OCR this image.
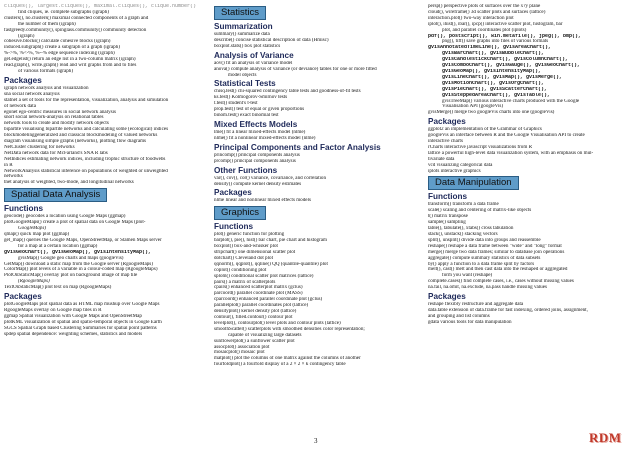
cliques(), largest.cliques(), maximal.cliques(), clique.number()
find cliques, ie. complete subgraphs (igraph)
clusters(), no.clusters() maximal connected components of a graph and
the number of them (igraph)
fastgreedy.community(), spinglass.community() community detection
(igraph)
cohesive.blocks() calculate cohesive blocks (igraph)
induced.subgraph() create a subgraph of a graph (igraph)
%->%, %<-%, %--% edge sequence indexing (igraph)
get.edgelist() return an edge list in a two-column matrix (igraph)
read.graph(), write.graph() read and writ graphs from and to files
of various formats (igraph)
Packages
igraph network analysis and visualization
sna social network analysis
statnet a set of tools for the representation, visualization, analysis and simulation
of network data
egonet ego-centric measures in social network analysis
snort social network-analysis on relational tables
network tools to create and modify network objects
bipartite visualising bipartite networks and calculating some (ecological) indices
blockmodelinggeneralized and classical blockmodeling of valued networks
diagram visualising simple graphs (networks), plotting flow diagrams
NetCluster clustering for networks
NetData network data for McFarland's SNA R labs
NetIndices estimating network indices, including trophic structure of foodwebs
in R
NetworkAnalysis statistical inference on populations of weighted or unweighted
networks
tnet analysis of weighted, two-mode, and longitudinal networks
Spatial Data Analysis
Functions
geocode() geocodes a location using Google Maps (ggmap)
plotGoogleMaps() create a plot of spatial data on Google Maps (plot-
GoogleMaps)
qmap() quick map plot (ggmap)
get_map() queries the Google Maps, OpenStreetMap, or Stamen Maps server
for a map at a certain location (ggmap)
gvisGeoChart(), gvisGeoMap(), gvisIntensityMap(),
gvisMap() Google geo charts and maps (googleVis)
GetMap() download a static map from the Google server (RgoogleMaps)
ColorMap() plot levels of a variable in a colour-coded map (RgoogleMaps)
PlotOnStaticMap() overlay plot on background image of map tile
(RgoogleMaps)
TextOnStaticMap() plot text on map (RgoogleMaps)
Packages
plotGoogleMaps plot spatial data as HTML map mushup over Google Maps
RgoogleMaps overlay on Google map tiles in R
ggmap Spatial visualization with Google Maps and OpenStreetMap
plotKML visualization of spatial and spatio-temporal objects in Google Earth
SGCS Spatial Graph based Clustering Summaries for spatial point patterns
spdep spatial dependence: weighting schemes, statistics and models
Statistics
Summarization
summary() summarize data
describe() concise statistical description of data (Hmisc)
boxplot.stats() box plot statistics
Analysis of Variance
aov() fit an analysis of variance model
anova() compute analysis of variance (or deviance) tables for one or more fitted
model objects
Statistical Tests
chisq.test() chi-squared contingency table tests and goodness-of-fit tests
ks.test() Kolmogorov-Smirnov tests
t.test() student's t-test
prop.test() test of equal or given proportions
binom.test() exact binomial test
Mixed Effects Models
lme() fit a linear mixed-effects model (nlme)
nlme() fit a nonlinear mixed-effects model (nlme)
Principal Components and Factor Analysis
princomp() principal components analysis
prcomp() principal components analysis
Other Functions
var(), cov(), cor() variance, covariance, and correlation
density() compute kernel density estimates
Packages
nlme linear and nonlinear mixed effects models
Graphics
Functions
plot() generic function for plotting
barplot(), pie(), hist() bar chart, pie chart and histogram
boxplot() box-and-whisker plot
stripchart() one dimensional scatter plot
dotchart() Cleveland dot plot
qqnorm(), qqplot(), qqline() QQ (quantile-quantile) plot
coplot() conditioning plot
splom() conditional scatter plot matrices (lattice)
pairs() a matrix of scatterplots
cpairs() enhanced scatterplot matrix (gclus)
parcoord() parallel coordinate plot (MASS)
cparcoord() enhanced parallel coordinate plot (gclus)
parallelplot() parallel coordinates plot (lattice)
densityplot() kernel density plot (lattice)
contour(), filled.contour() contour plot
levelplot(), contourplot() level plots and contour plots (lattice)
smoothScatter() scatterplots with smoothed densities color representation;
capable of visualizing large datasets
sunflowerplot() a sunflower scatter plot
assocplot() association plot
mosaicplot() mosaic plot
matplot() plot the columns of one matrix against the columns of another
fourfoldplot() a fourfold display of a 2 × 2 × k contingency table
persp() perspective plots of surfaces over the x?y plane
cloud(), wireframe() 3d scatter plots and surfaces (lattice)
interaction.plot() two-way interaction plot
iplot(), ihist(), ibar(), ipcp() interactive scatter plot, histogram, bar
plot, and parallel coordinates plot (iplots)
pdf(), postscript(), win.metafile(), jpeg(), bmp(),
png(), tiff() save graphs into files of various formats
gvisAnnotatedTimeLine(), gvisAreaChart(),
gvisBarChart(), gvisBubbleChart(),
gvisCandlestickChart(), gvisColumnChart(),
gvisComboChart(), gvisGauge(), gvisGeoChart(),
gvisGeoMap(), gvisIntensityMap(),
gvisLineChart(), gvisMap(), gvisMerge(),
gvisMotionChart(), gvisOrgChart(),
gvisPieChart(), gvisScatterChart(),
gvisSteppedAreaChart(), gvisTable(),
gvisTreeMap() various interactive charts produced with the Google
Visualisation API (googleVis)
gvisMerge() merge two googleVis charts into one (googleVis)
Packages
ggplot2 an implementation of the Grammar of Graphics
googleVis an interface between R and the Google Visualisation API to create
interactive charts
rCharts interactive javascript visualizations from R
lattice a powerful high-level data visualization system, with an emphasis on mul-
tivariate data
vcd visualizing categorical data
iplots interactive graphics
Data Manipulation
Functions
transform() transform a data frame
scale() scaling and centering of matrix-like objects
t() matrix transpose
sample() sampling
table(), tabulate(), xtabs() cross tabulation
stack(), unstack() stacking vectors
split(), unsplit() divide data into groups and reassemble
reshape() reshape a data frame between "wide" and "long" format
merge() merge two data frames; similar to database join operations
aggregate() compute summary statistics of data subsets
by() apply a function to a data frame split by factors
melt(), cast() melt and then cast data into the reshaped or aggregated
form you want (reshape)
complete.cases() find complete cases, i.e., cases without missing values
na.fail, na.omit, na.exclude, na.pass handle missing values
Packages
reshape flexibly restructure and aggregate data
data.table extension of data.frame for fast indexing, ordered joins, assignment,
and grouping and list columns
gdata various tools for data manipulation
3	RDM
